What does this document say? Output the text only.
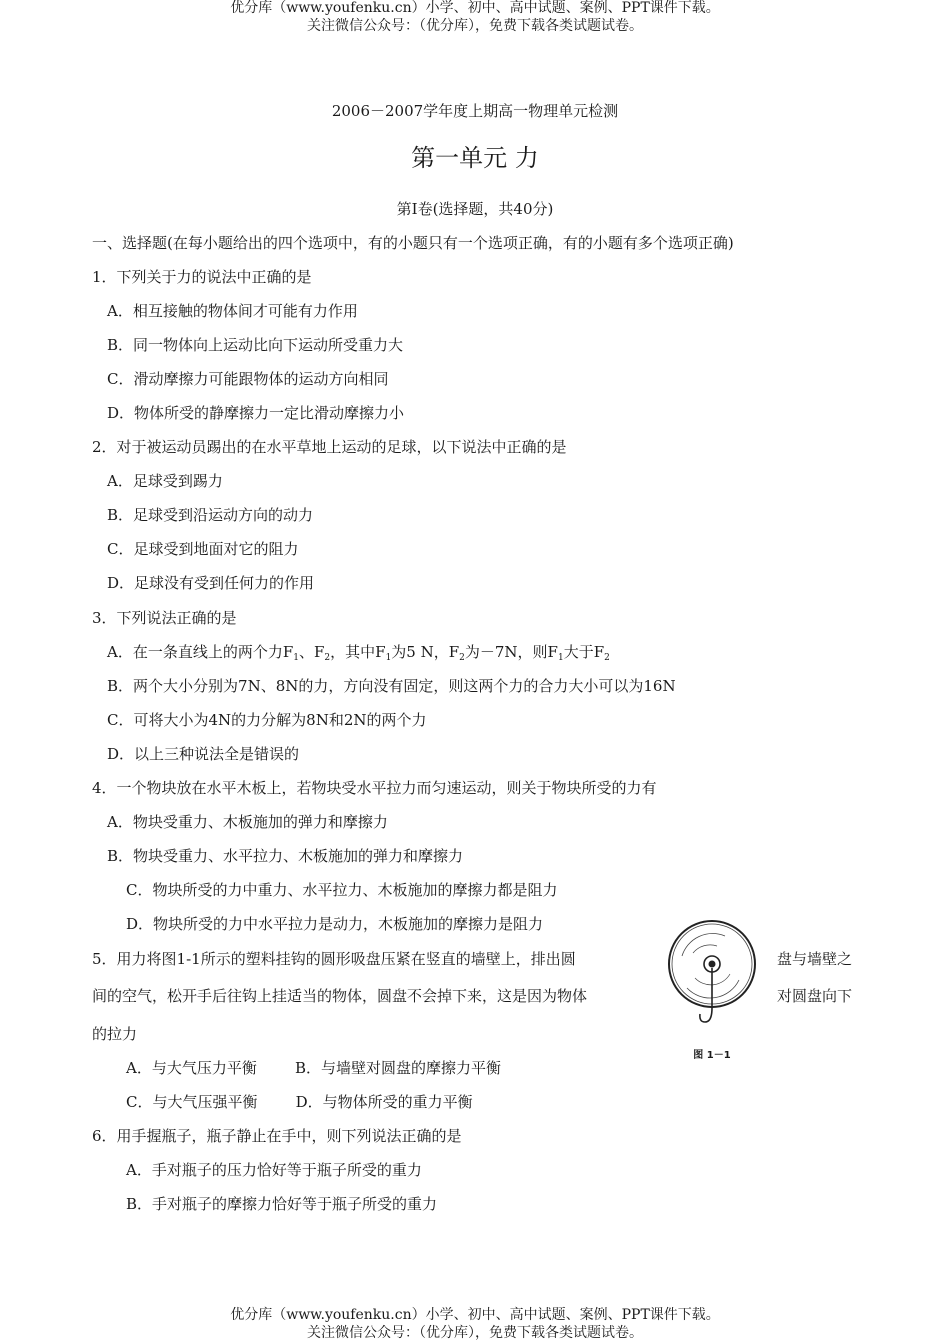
优分库（www.youfenku.cn）小学、初中、高中试题、案例、PPT课件下载。
关注微信公众号：（优分库），免费下载各类试题试卷。
2006－2007学年度上期高一物理单元检测
第一单元 力
第Ⅰ卷(选择题，共40分)
一、选择题(在每小题给出的四个选项中，有的小题只有一个选项正确，有的小题有多个选项正确)
1．下列关于力的说法中正确的是
A．相互接触的物体间才可能有力作用
B．同一物体向上运动比向下运动所受重力大
C．滑动摩擦力可能跟物体的运动方向相同
D．物体所受的静摩擦力一定比滑动摩擦力小
2．对于被运动员踢出的在水平草地上运动的足球，以下说法中正确的是
A．足球受到踢力
B．足球受到沿运动方向的动力
C．足球受到地面对它的阻力
D．足球没有受到任何力的作用
3．下列说法正确的是
A．在一条直线上的两个力$F_1$、$F_2$，其中$F_1$为5 N，$F_2$为－7N，则$F_1$大于$F_2$
B．两个大小分别为7N、8N的力，方向没有固定，则这两个力的合力大小可以为16N
C．可将大小为4N的力分解为8N和2N的两个力
D．以上三种说法全是错误的
4．一个物块放在水平木板上，若物块受水平拉力而匀速运动，则关于物块所受的力有
A．物块受重力、木板施加的弹力和摩擦力
B．物块受重力、水平拉力、木板施加的弹力和摩擦力
C．物块所受的力中重力、水平拉力、木板施加的摩擦力都是阻力
D．物块所受的力中水平拉力是动力，木板施加的摩擦力是阻力
5．用力将图1-1所示的塑料挂钩的圆形吸盘压紧在竖直的墙壁上，排出圆	盘与墙壁之
间的空气，松开手后往钩上挂适当的物体，圆盘不会掉下来，这是因为物体	对圆盘向下
的拉力
A．与大气压力平衡        B．与墙壁对圆盘的摩擦力平衡
C．与大气压强平衡        D．与物体所受的重力平衡
图 1－1
6．用手握瓶子，瓶子静止在手中，则下列说法正确的是
A．手对瓶子的压力恰好等于瓶子所受的重力
B．手对瓶子的摩擦力恰好等于瓶子所受的重力
优分库（www.youfenku.cn）小学、初中、高中试题、案例、PPT课件下载。
关注微信公众号：（优分库），免费下载各类试题试卷。
